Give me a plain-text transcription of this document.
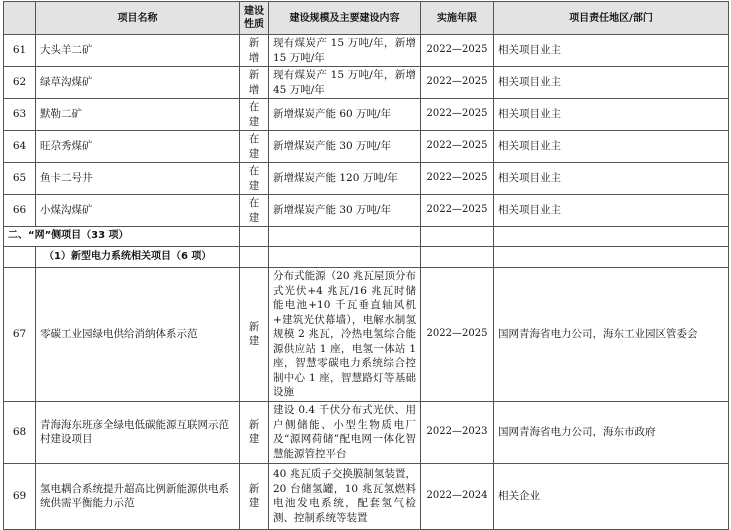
	项目名称	建设性质	建设规模及主要建设内容	实施年限	项目责任地区/部门
61	大头羊二矿	新增	现有煤炭产 15 万吨/年，新增 15 万吨/年	2022—2025	相关项目业主
62	绿草沟煤矿	新增	现有煤炭产 15 万吨/年，新增 45 万吨/年	2022—2025	相关项目业主
63	默勒二矿	在建	新增煤炭产能 60 万吨/年	2022—2025	相关项目业主
64	旺尕秀煤矿	在建	新增煤炭产能 30 万吨/年	2022—2025	相关项目业主
65	鱼卡二号井	在建	新增煤炭产能 120 万吨/年	2022—2025	相关项目业主
66	小煤沟煤矿	在建	新增煤炭产能 30 万吨/年	2022—2025	相关项目业主
二、“网”侧项目（33 项）					
	（1）新型电力系统相关项目（6 项）				
67	零碳工业园绿电供给消纳体系示范	新建	分布式能源（20 兆瓦屋顶分布式光伏+4 兆瓦/16 兆瓦时储能电池+10 千瓦垂直轴风机+建筑光伏幕墙），电解水制氢规模 2 兆瓦，冷热电氢综合能源供应站 1 座，电氢一体站 1 座，智慧零碳电力系统综合控制中心 1 座，智慧路灯等基础设施	2022—2025	国网青海省电力公司，海东工业园区管委会
68	青海海东班彦全绿电低碳能源互联网示范村建设项目	新建	建设 0.4 千伏分布式光伏、用户侧储能、小型生物质电厂及“源网荷储”配电网一体化智慧能源管控平台	2022—2023	国网青海省电力公司，海东市政府
69	氢电耦合系统提升超高比例新能源供电系统供需平衡能力示范	新建	40 兆瓦质子交换膜制氢装置，20 台储氢罐，10 兆瓦氢燃料电池发电系统，配套氢气检测、控制系统等装置	2022—2024	相关企业
